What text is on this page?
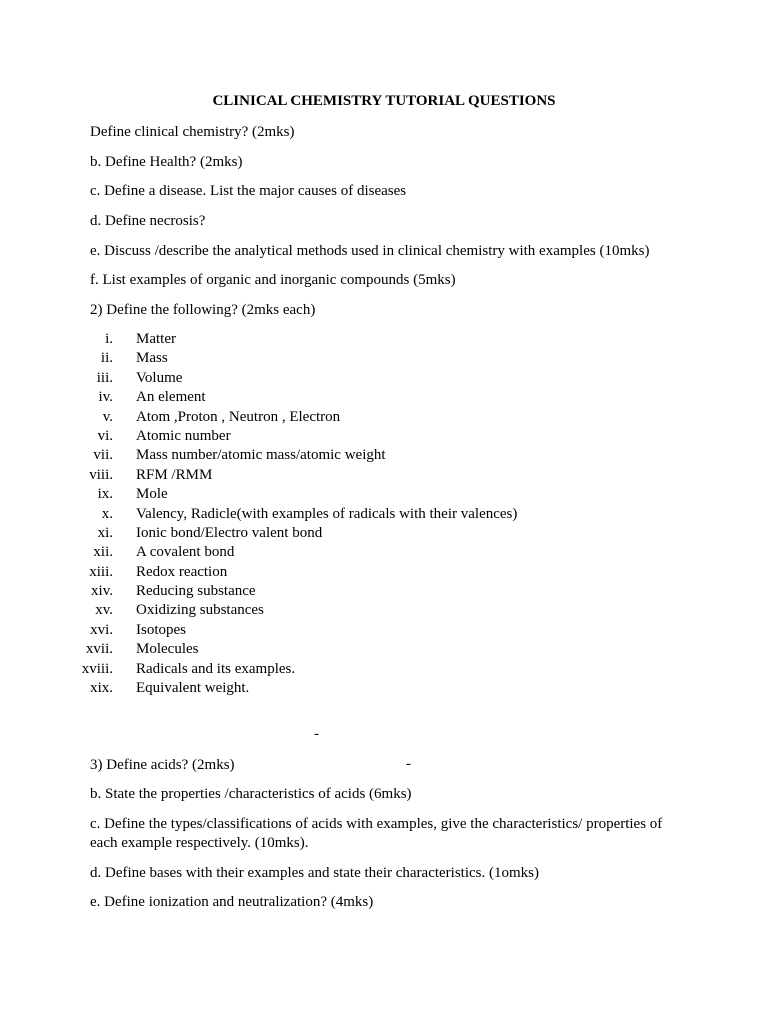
CLINICAL CHEMISTRY TUTORIAL QUESTIONS

Define clinical chemistry? (2mks)

b. Define Health? (2mks)

c. Define a disease. List the major causes of diseases

d. Define necrosis?

e. Discuss /describe the analytical methods used in clinical chemistry with examples (10mks)

f. List examples of organic and inorganic compounds (5mks)

2) Define the following? (2mks each)

i. Matter
ii. Mass
iii. Volume
iv. An element
v. Atom ,Proton , Neutron , Electron
vi. Atomic number
vii. Mass number/atomic mass/atomic weight
viii. RFM /RMM
ix. Mole
x. Valency, Radicle(with examples of radicals with their valences)
xi. Ionic bond/Electro valent bond
xii. A covalent bond
xiii. Redox reaction
xiv. Reducing substance
xv. Oxidizing substances
xvi. Isotopes
xvii. Molecules
xviii. Radicals and its examples.
xix. Equivalent weight.

-

3) Define acids? (2mks)	-

b. State the properties /characteristics of acids (6mks)

c. Define the types/classifications of acids with examples, give the characteristics/ properties of each example respectively. (10mks).

d. Define bases with their examples and state their characteristics. (1omks)

e. Define ionization and neutralization? (4mks)
